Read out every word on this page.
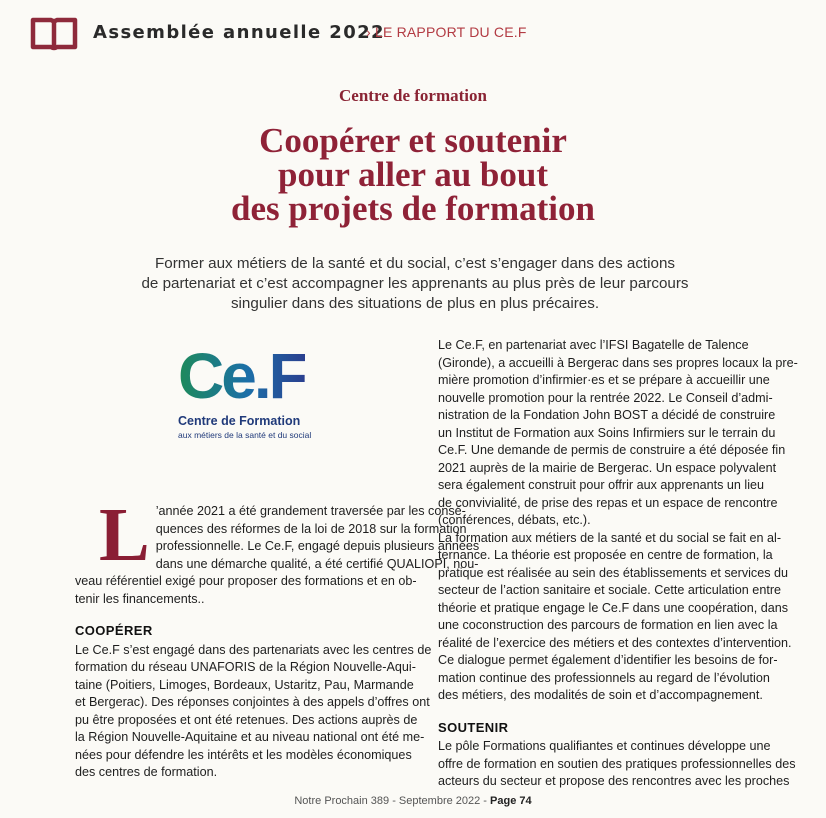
Assemblée annuelle 2022
› LE RAPPORT DU CE.F
Centre de formation
Coopérer et soutenir
pour aller au bout
des projets de formation
Former aux métiers de la santé et du social, c’est s’engager dans des actions
de partenariat et c’est accompagner les apprenants au plus près de leur parcours
singulier dans des situations de plus en plus précaires.
Ce.F
Centre de Formation
aux métiers de la santé et du social
L ’année 2021 a été grandement traversée par les consé-
quences des réformes de la loi de 2018 sur la formation
professionnelle. Le Ce.F, engagé depuis plusieurs années
dans une démarche qualité, a été certifié QUALIOPI, nou-
veau référentiel exigé pour proposer des formations et en ob-
tenir les financements..
COOPÉRER
Le Ce.F s’est engagé dans des partenariats avec les centres de
formation du réseau UNAFORIS de la Région Nouvelle-Aqui-
taine (Poitiers, Limoges, Bordeaux, Ustaritz, Pau, Marmande
et Bergerac). Des réponses conjointes à des appels d’offres ont
pu être proposées et ont été retenues. Des actions auprès de
la Région Nouvelle-Aquitaine et au niveau national ont été me-
nées pour défendre les intérêts et les modèles économiques
des centres de formation.
Le Ce.F, en partenariat avec l’IFSI Bagatelle de Talence
(Gironde), a accueilli à Bergerac dans ses propres locaux la pre-
mière promotion d’infirmier·es et se prépare à accueillir une
nouvelle promotion pour la rentrée 2022. Le Conseil d’admi-
nistration de la Fondation John BOST a décidé de construire
un Institut de Formation aux Soins Infirmiers sur le terrain du
Ce.F. Une demande de permis de construire a été déposée fin
2021 auprès de la mairie de Bergerac. Un espace polyvalent
sera également construit pour offrir aux apprenants un lieu
de convivialité, de prise des repas et un espace de rencontre
(conférences, débats, etc.).
La formation aux métiers de la santé et du social se fait en al-
ternance. La théorie est proposée en centre de formation, la
pratique est réalisée au sein des établissements et services du
secteur de l’action sanitaire et sociale. Cette articulation entre
théorie et pratique engage le Ce.F dans une coopération, dans
une coconstruction des parcours de formation en lien avec la
réalité de l’exercice des métiers et des contextes d’intervention.
Ce dialogue permet également d’identifier les besoins de for-
mation continue des professionnels au regard de l’évolution
des métiers, des modalités de soin et d’accompagnement.
SOUTENIR
Le pôle Formations qualifiantes et continues développe une
offre de formation en soutien des pratiques professionnelles des
acteurs du secteur et propose des rencontres avec les proches
Notre Prochain 389 - Septembre 2022 - Page 74
